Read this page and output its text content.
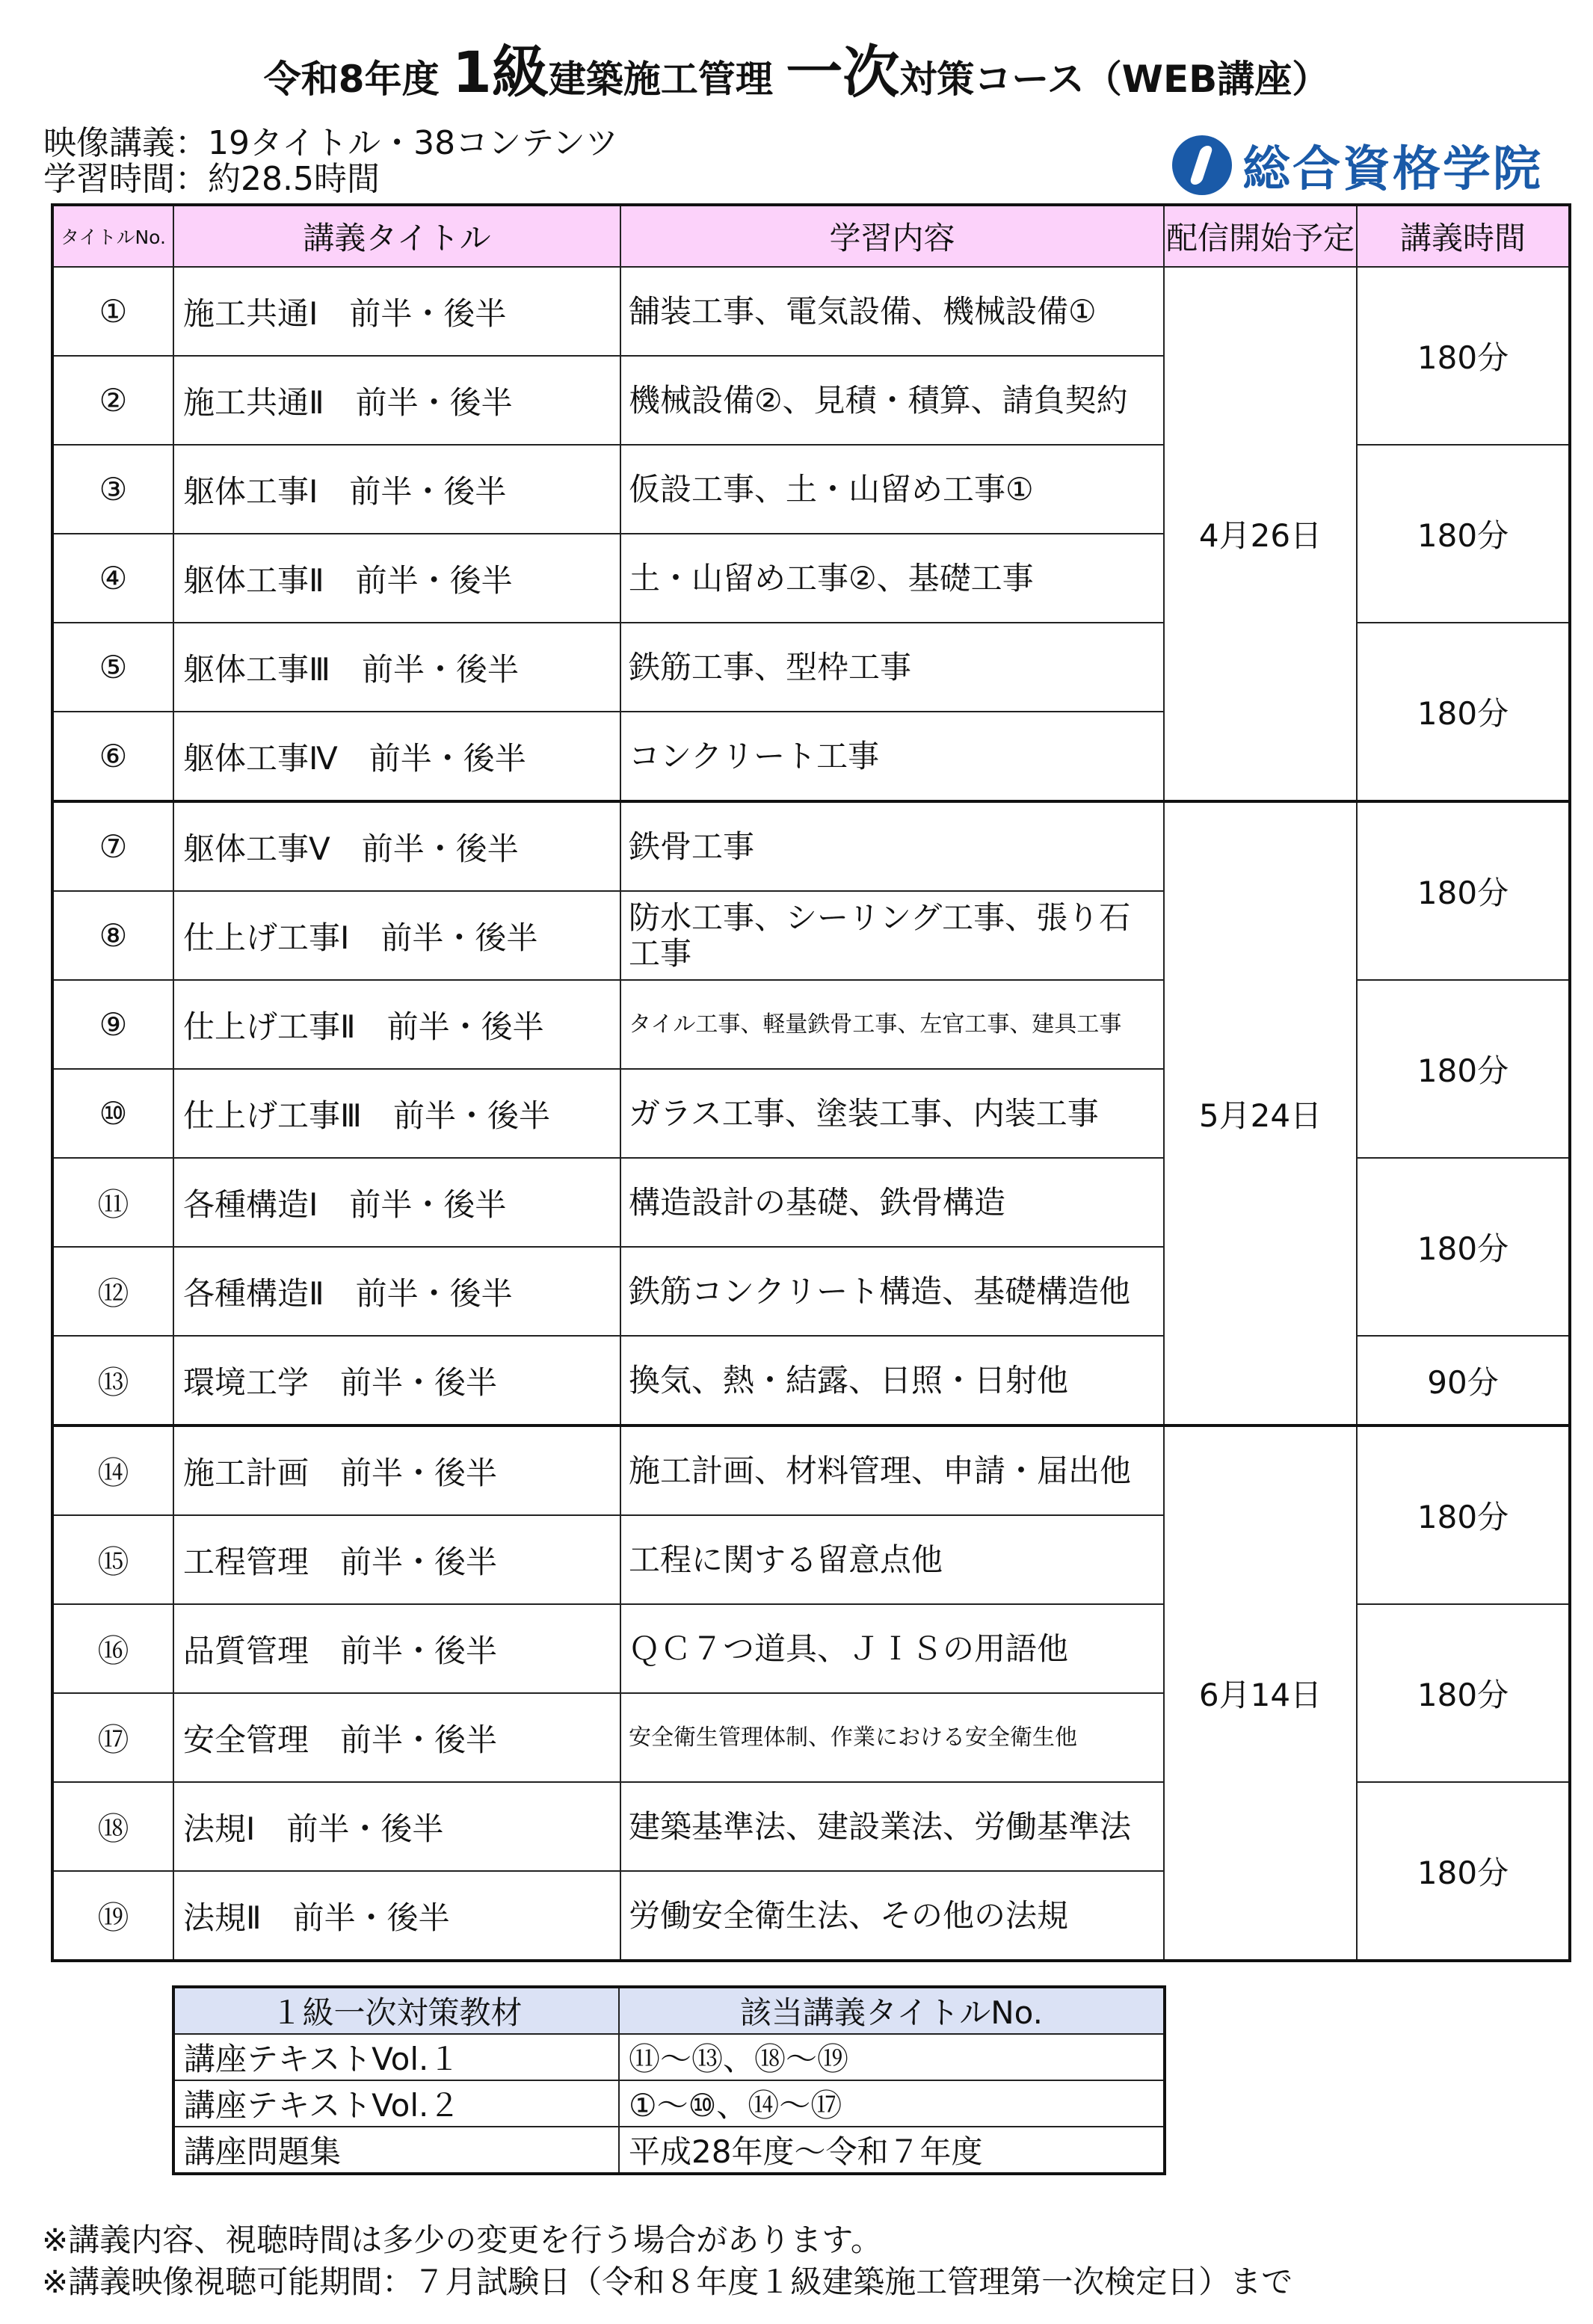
令和8年度 1級建築施工管理 一次対策コース（WEB講座）
映像講義：19タイトル・38コンテンツ
学習時間：約28.5時間	総合資格学院
タイトルNo.	講義タイトル	学習内容	配信開始予定	講義時間
①	施工共通Ⅰ　前半・後半	舗装工事、電気設備、機械設備①	4月26日	180分
②	施工共通Ⅱ　前半・後半	機械設備②、見積・積算、請負契約		
③	躯体工事Ⅰ　前半・後半	仮設工事、土・山留め工事①		180分
④	躯体工事Ⅱ　前半・後半	土・山留め工事②、基礎工事		
⑤	躯体工事Ⅲ　前半・後半	鉄筋工事、型枠工事		180分
⑥	躯体工事Ⅳ　前半・後半	コンクリート工事		
⑦	躯体工事Ⅴ　前半・後半	鉄骨工事	5月24日	180分
⑧	仕上げ工事Ⅰ　前半・後半	防水工事、シーリング工事、張り石工事		
⑨	仕上げ工事Ⅱ　前半・後半	タイル工事、軽量鉄骨工事、左官工事、建具工事		180分
⑩	仕上げ工事Ⅲ　前半・後半	ガラス工事、塗装工事、内装工事		
⑪	各種構造Ⅰ　前半・後半	構造設計の基礎、鉄骨構造		180分
⑫	各種構造Ⅱ　前半・後半	鉄筋コンクリート構造、基礎構造他		
⑬	環境工学　前半・後半	換気、熱・結露、日照・日射他		90分
⑭	施工計画　前半・後半	施工計画、材料管理、申請・届出他	6月14日	180分
⑮	工程管理　前半・後半	工程に関する留意点他		
⑯	品質管理　前半・後半	ＱＣ７つ道具、ＪＩＳの用語他		180分
⑰	安全管理　前半・後半	安全衛生管理体制、作業における安全衛生他		
⑱	法規Ⅰ　前半・後半	建築基準法、建設業法、労働基準法		180分
⑲	法規Ⅱ　前半・後半	労働安全衛生法、その他の法規		
１級一次対策教材	該当講義タイトルNo.
講座テキストVol.１	⑪～⑬、⑱～⑲
講座テキストVol.２	①～⑩、⑭～⑰
講座問題集	平成28年度～令和７年度
※講義内容、視聴時間は多少の変更を行う場合があります。
※講義映像視聴可能期間：７月試験日（令和８年度１級建築施工管理第一次検定日）まで
